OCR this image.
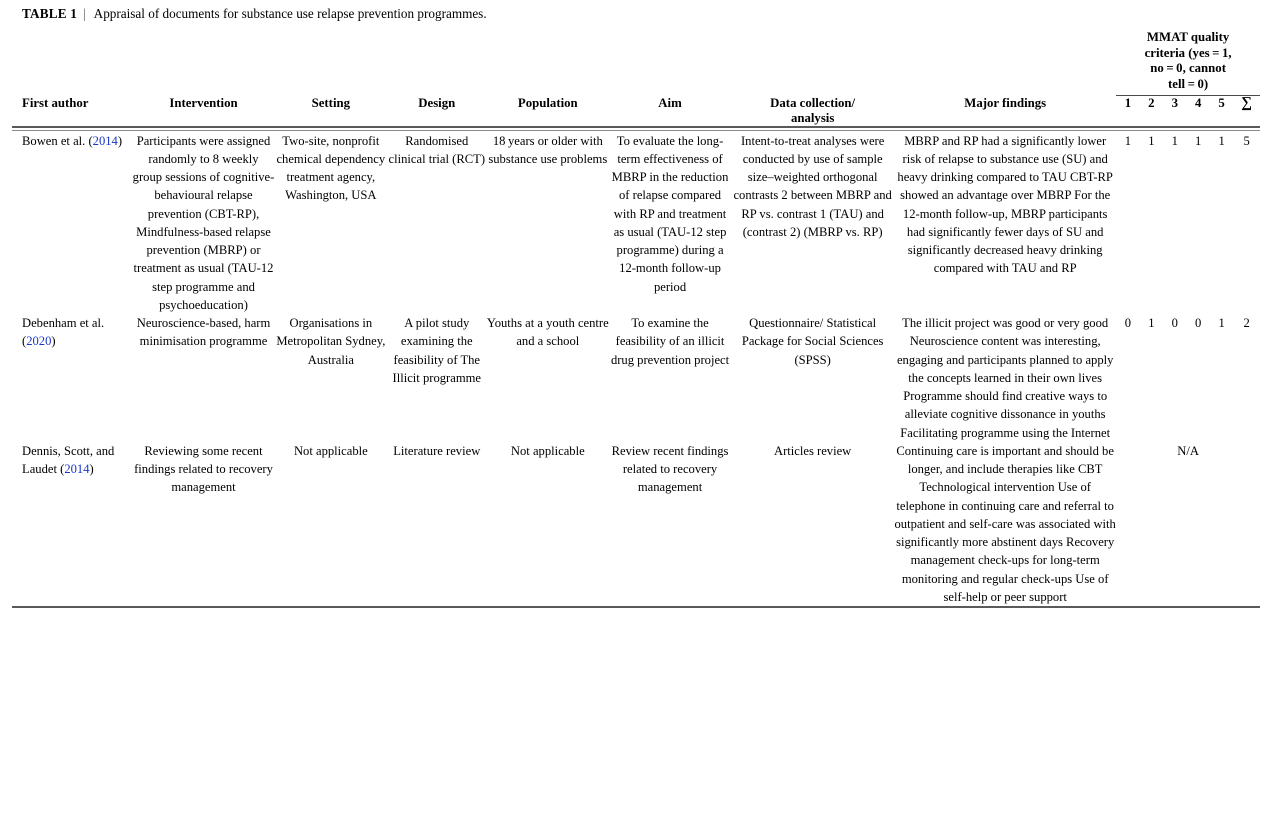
TABLE 1 | Appraisal of documents for substance use relapse prevention programmes.

								MMAT quality
criteria (yes = 1,
no = 0, cannot
tell = 0)					

First author	Intervention	Setting	Design	Population	Aim	Data collection/
analysis	Major findings	1	2	3	4	5	∑

Bowen et al. (2014)	Participants were assigned randomly to 8 weekly group sessions of cognitive-behavioural relapse prevention (CBT-RP), Mindfulness-based relapse prevention (MBRP) or treatment as usual (TAU-12 step programme and psychoeducation)	Two-site, nonprofit chemical dependency treatment agency, Washington, USA	Randomised clinical trial (RCT)	18 years or older with substance use problems	To evaluate the long-term effectiveness of MBRP in the reduction of relapse compared with RP and treatment as usual (TAU-12 step programme) during a 12-month follow-up period	Intent-to-treat analyses were conducted by use of sample size–weighted orthogonal contrasts 2 between MBRP and RP vs. contrast 1 (TAU) and (contrast 2) (MBRP vs. RP)	MBRP and RP had a significantly lower risk of relapse to substance use (SU) and heavy drinking compared to TAU CBT-RP showed an advantage over MBRP For the 12-month follow-up, MBRP participants had significantly fewer days of SU and significantly decreased heavy drinking compared with TAU and RP	1	1	1	1	1	5
Debenham et al. (2020)	Neuroscience-based, harm minimisation programme	Organisations in Metropolitan Sydney, Australia	A pilot study examining the feasibility of The Illicit programme	Youths at a youth centre and a school	To examine the feasibility of an illicit drug prevention project	Questionnaire/ Statistical Package for Social Sciences (SPSS)	The illicit project was good or very good Neuroscience content was interesting, engaging and participants planned to apply the concepts learned in their own lives Programme should find creative ways to alleviate cognitive dissonance in youths Facilitating programme using the Internet	0	1	0	0	1	2
Dennis, Scott, and Laudet (2014)	Reviewing some recent findings related to recovery management	Not applicable	Literature review	Not applicable	Review recent findings related to recovery management	Articles review	Continuing care is important and should be longer, and include therapies like CBT Technological intervention Use of telephone in continuing care and referral to outpatient and self-care was associated with significantly more abstinent days Recovery management check-ups for long-term monitoring and regular check-ups Use of self-help or peer support	N/A					
